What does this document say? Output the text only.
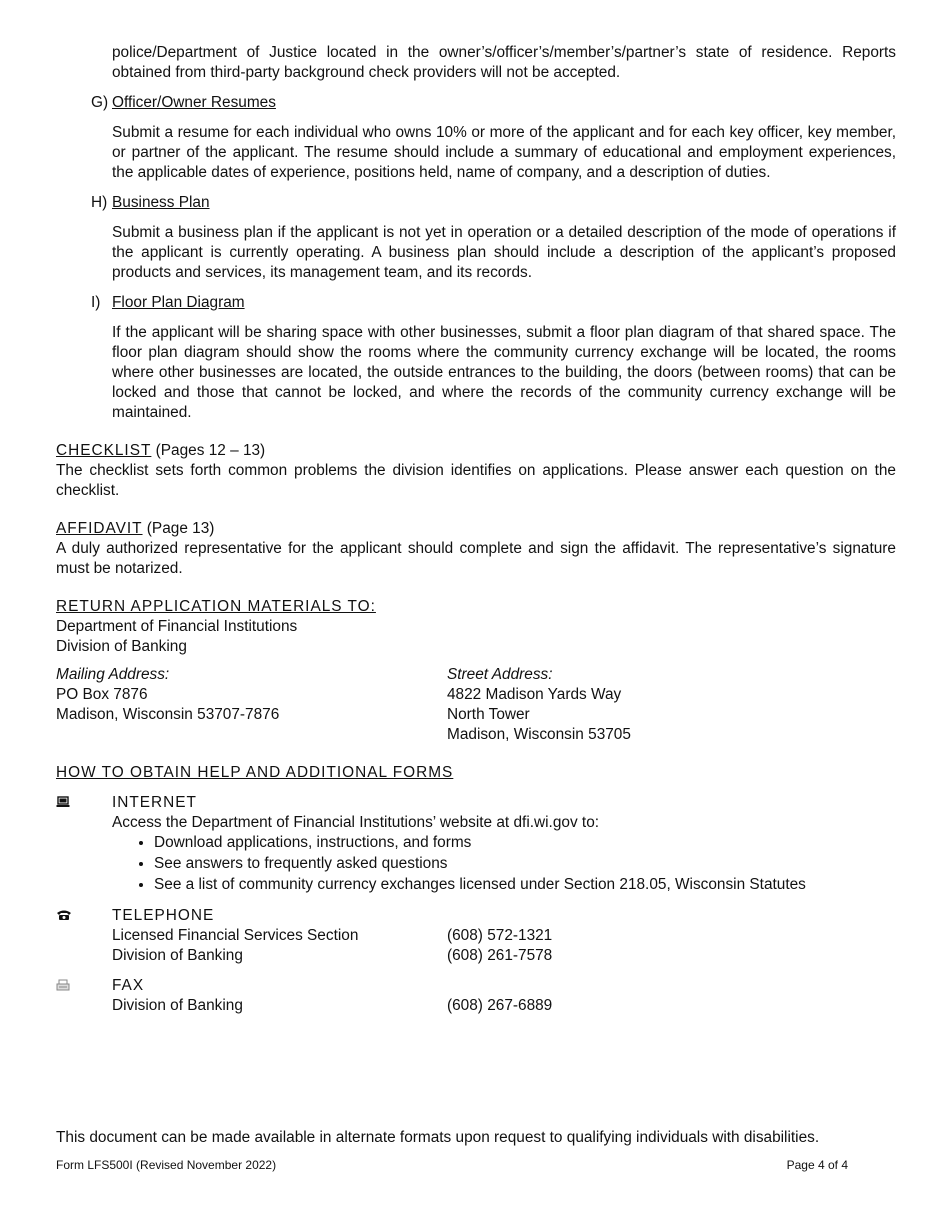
police/Department of Justice located in the owner’s/officer’s/member’s/partner’s state of residence. Reports obtained from third-party background check providers will not be accepted.
G) Officer/Owner Resumes
Submit a resume for each individual who owns 10% or more of the applicant and for each key officer, key member, or partner of the applicant. The resume should include a summary of educational and employment experiences, the applicable dates of experience, positions held, name of company, and a description of duties.
H) Business Plan
Submit a business plan if the applicant is not yet in operation or a detailed description of the mode of operations if the applicant is currently operating. A business plan should include a description of the applicant’s proposed products and services, its management team, and its records.
I) Floor Plan Diagram
If the applicant will be sharing space with other businesses, submit a floor plan diagram of that shared space. The floor plan diagram should show the rooms where the community currency exchange will be located, the rooms where other businesses are located, the outside entrances to the building, the doors (between rooms) that can be locked and those that cannot be locked, and where the records of the community currency exchange will be maintained.
CHECKLIST (Pages 12 – 13)
The checklist sets forth common problems the division identifies on applications. Please answer each question on the checklist.
AFFIDAVIT (Page 13)
A duly authorized representative for the applicant should complete and sign the affidavit. The representative’s signature must be notarized.
RETURN APPLICATION MATERIALS TO:
Department of Financial Institutions
Division of Banking
Mailing Address:
PO Box 7876
Madison, Wisconsin 53707-7876
Street Address:
4822 Madison Yards Way
North Tower
Madison, Wisconsin 53705
HOW TO OBTAIN HELP AND ADDITIONAL FORMS
INTERNET
Access the Department of Financial Institutions’ website at dfi.wi.gov to:
• Download applications, instructions, and forms
• See answers to frequently asked questions
• See a list of community currency exchanges licensed under Section 218.05, Wisconsin Statutes
TELEPHONE
Licensed Financial Services Section	(608) 572-1321
Division of Banking	(608) 261-7578
FAX
Division of Banking	(608) 267-6889
This document can be made available in alternate formats upon request to qualifying individuals with disabilities.
Form LFS500I (Revised November 2022)	Page 4 of 4
